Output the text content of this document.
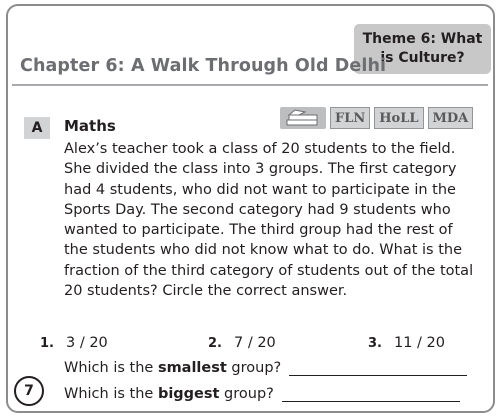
Theme 6: What is Culture?
Chapter 6: A Walk Through Old Delhi
A	Maths	FLN	HoLL	MDA

Alex’s teacher took a class of 20 students to the field. She divided the class into 3 groups. The first category had 4 students, who did not want to participate in the Sports Day. The second category had 9 students who wanted to participate. The third group had the rest of the students who did not know what to do. What is the fraction of the third category of students out of the total 20 students? Circle the correct answer.

1. 3 / 20	2. 7 / 20	3. 11 / 20
Which is the smallest group?
Which is the biggest group?
7
